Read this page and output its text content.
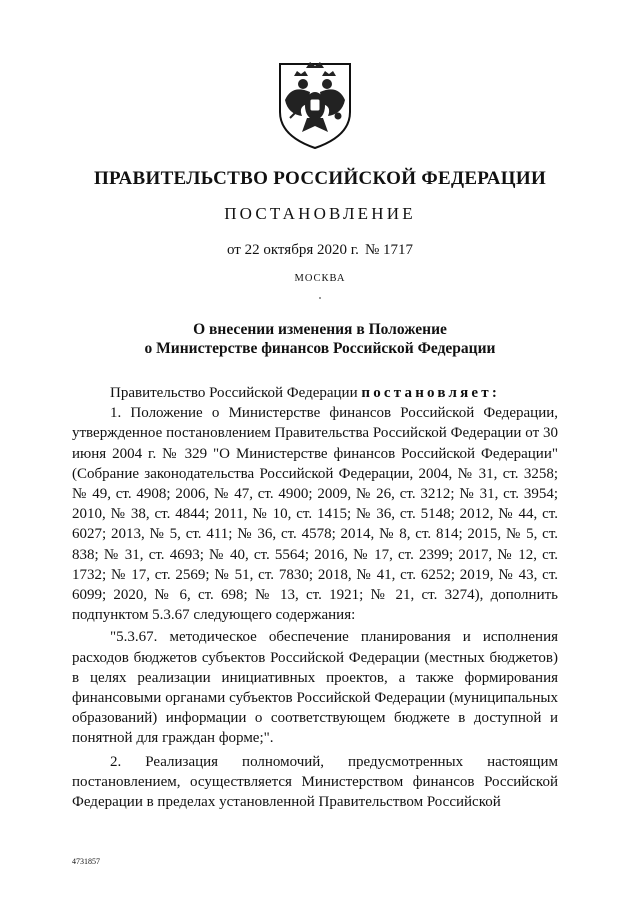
ПРАВИТЕЛЬСТВО РОССИЙСКОЙ ФЕДЕРАЦИИ
ПОСТАНОВЛЕНИЕ
от 22 октября 2020 г. № 1717
МОСКВА
О внесении изменения в Положение
о Министерстве финансов Российской Федерации

Правительство Российской Федерации постановляет:

1. Положение о Министерстве финансов Российской Федерации, утвержденное постановлением Правительства Российской Федерации от 30 июня 2004 г. № 329 "О Министерстве финансов Российской Федерации" (Собрание законодательства Российской Федерации, 2004, № 31, ст. 3258; № 49, ст. 4908; 2006, № 47, ст. 4900; 2009, № 26, ст. 3212; № 31, ст. 3954; 2010, № 38, ст. 4844; 2011, № 10, ст. 1415; № 36, ст. 5148; 2012, № 44, ст. 6027; 2013, № 5, ст. 411; № 36, ст. 4578; 2014, № 8, ст. 814; 2015, № 5, ст. 838; № 31, ст. 4693; № 40, ст. 5564; 2016, № 17, ст. 2399; 2017, № 12, ст. 1732; № 17, ст. 2569; № 51, ст. 7830; 2018, № 41, ст. 6252; 2019, № 43, ст. 6099; 2020, № 6, ст. 698; № 13, ст. 1921; № 21, ст. 3274), дополнить подпунктом 5.3.67 следующего содержания:

"5.3.67. методическое обеспечение планирования и исполнения расходов бюджетов субъектов Российской Федерации (местных бюджетов) в целях реализации инициативных проектов, а также формирования финансовыми органами субъектов Российской Федерации (муниципальных образований) информации о соответствующем бюджете в доступной и понятной для граждан форме;".

2. Реализация полномочий, предусмотренных настоящим постановлением, осуществляется Министерством финансов Российской Федерации в пределах установленной Правительством Российской

4731857
